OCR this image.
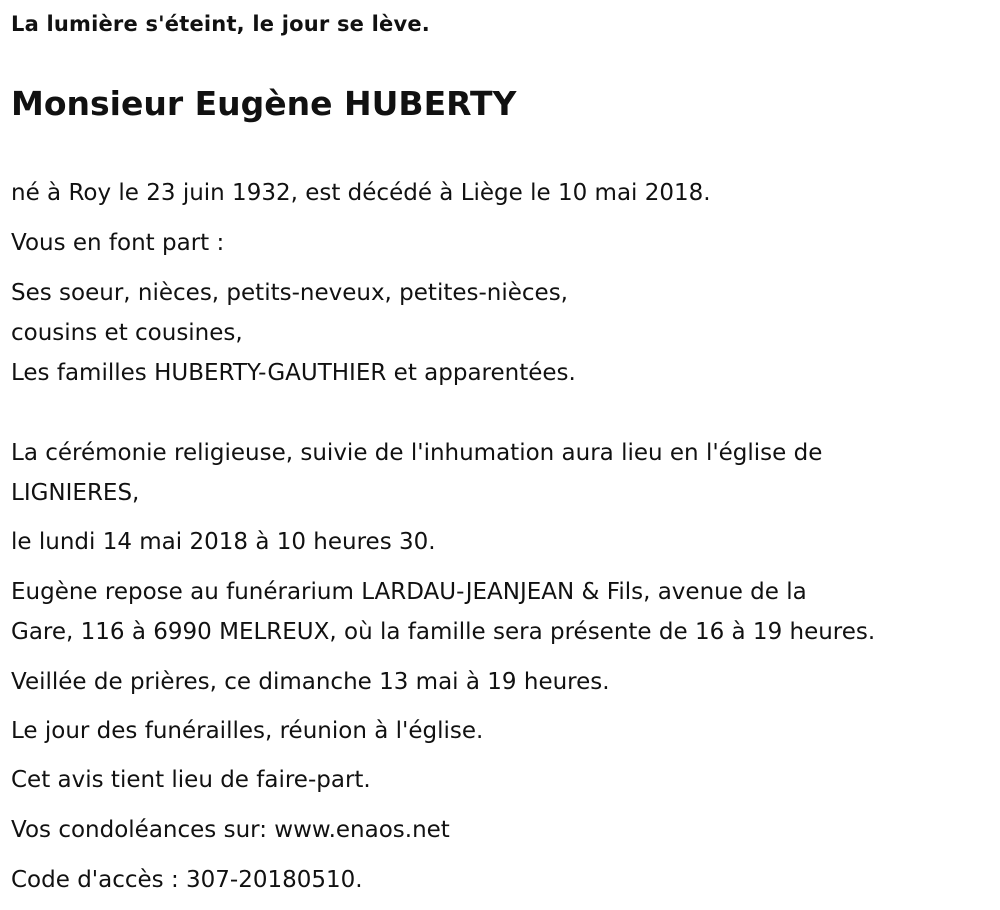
La lumière s'éteint, le jour se lève.
Monsieur Eugène HUBERTY
né à Roy le 23 juin 1932, est décédé à Liège le 10 mai 2018.
Vous en font part :
Ses soeur, nièces, petits-neveux, petites-nièces,
cousins et cousines,
Les familles HUBERTY-GAUTHIER et apparentées.
La cérémonie religieuse, suivie de l'inhumation aura lieu en l'église de
LIGNIERES,
le lundi 14 mai 2018 à 10 heures 30.
Eugène repose au funérarium LARDAU-JEANJEAN & Fils, avenue de la
Gare, 116 à 6990 MELREUX, où la famille sera présente de 16 à 19 heures.
Veillée de prières, ce dimanche 13 mai à 19 heures.
Le jour des funérailles, réunion à l'église.
Cet avis tient lieu de faire-part.
Vos condoléances sur: www.enaos.net
Code d'accès : 307-20180510.
